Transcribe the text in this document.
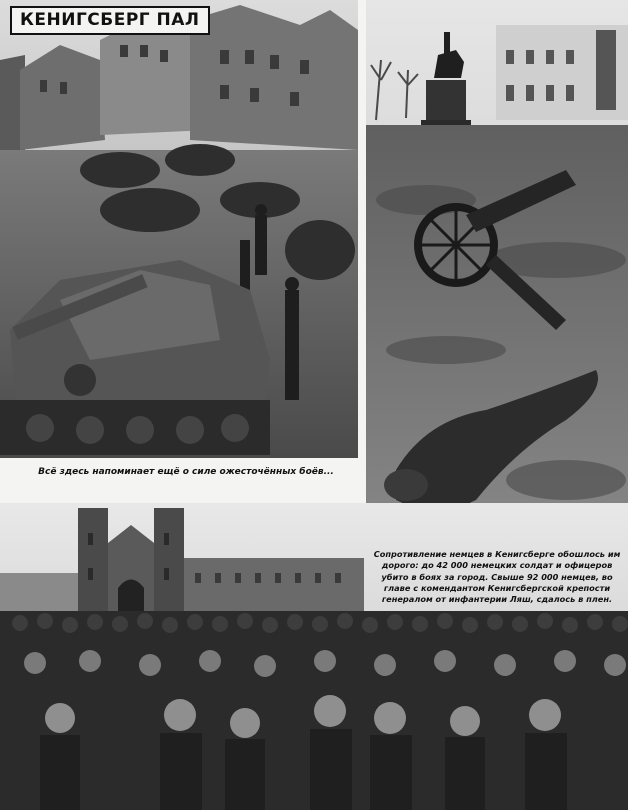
КЕНИГСБЕРГ ПАЛ
Всё здесь напоминает ещё о силе ожесточённых боёв...
Сопротивление немцев в Кенигсберге обошлось им дорого: до 42 000 немецких солдат и офицеров убито в боях за город. Свыше 92 000 немцев, во главе с комендантом Кенигсбергской крепости генералом от инфантерии Ляш, сдалось в плен.
